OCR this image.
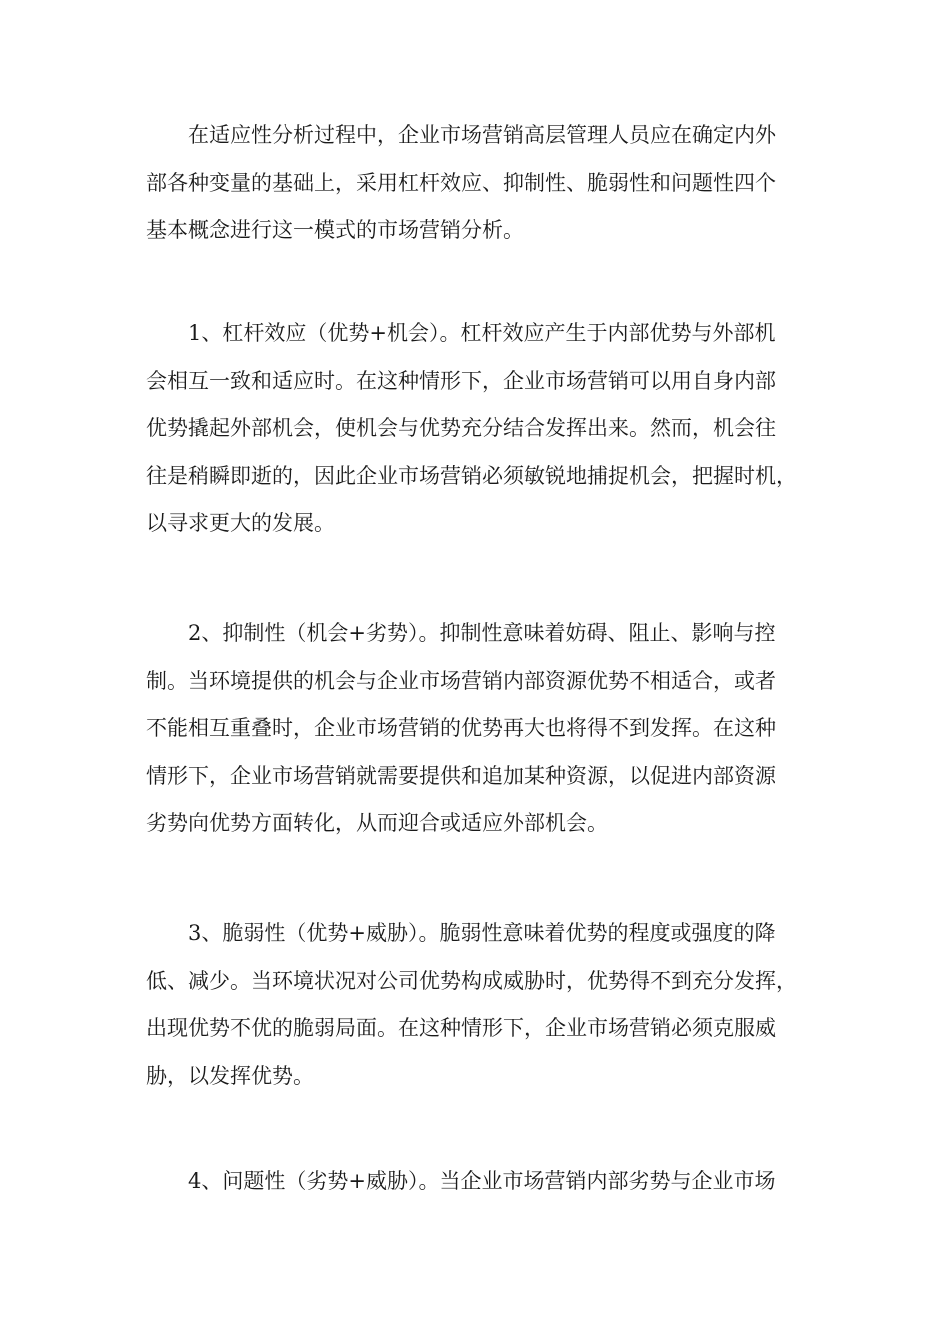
在适应性分析过程中，企业市场营销高层管理人员应在确定内外
部各种变量的基础上，采用杠杆效应、抑制性、脆弱性和问题性四个
基本概念进行这一模式的市场营销分析。
1、杠杆效应（优势+机会）。杠杆效应产生于内部优势与外部机
会相互一致和适应时。在这种情形下，企业市场营销可以用自身内部
优势撬起外部机会，使机会与优势充分结合发挥出来。然而，机会往
往是稍瞬即逝的，因此企业市场营销必须敏锐地捕捉机会，把握时机，
以寻求更大的发展。
2、抑制性（机会+劣势）。抑制性意味着妨碍、阻止、影响与控
制。当环境提供的机会与企业市场营销内部资源优势不相适合，或者
不能相互重叠时，企业市场营销的优势再大也将得不到发挥。在这种
情形下，企业市场营销就需要提供和追加某种资源，以促进内部资源
劣势向优势方面转化，从而迎合或适应外部机会。
3、脆弱性（优势+威胁）。脆弱性意味着优势的程度或强度的降
低、减少。当环境状况对公司优势构成威胁时，优势得不到充分发挥，
出现优势不优的脆弱局面。在这种情形下，企业市场营销必须克服威
胁，以发挥优势。
4、问题性（劣势+威胁）。当企业市场营销内部劣势与企业市场
